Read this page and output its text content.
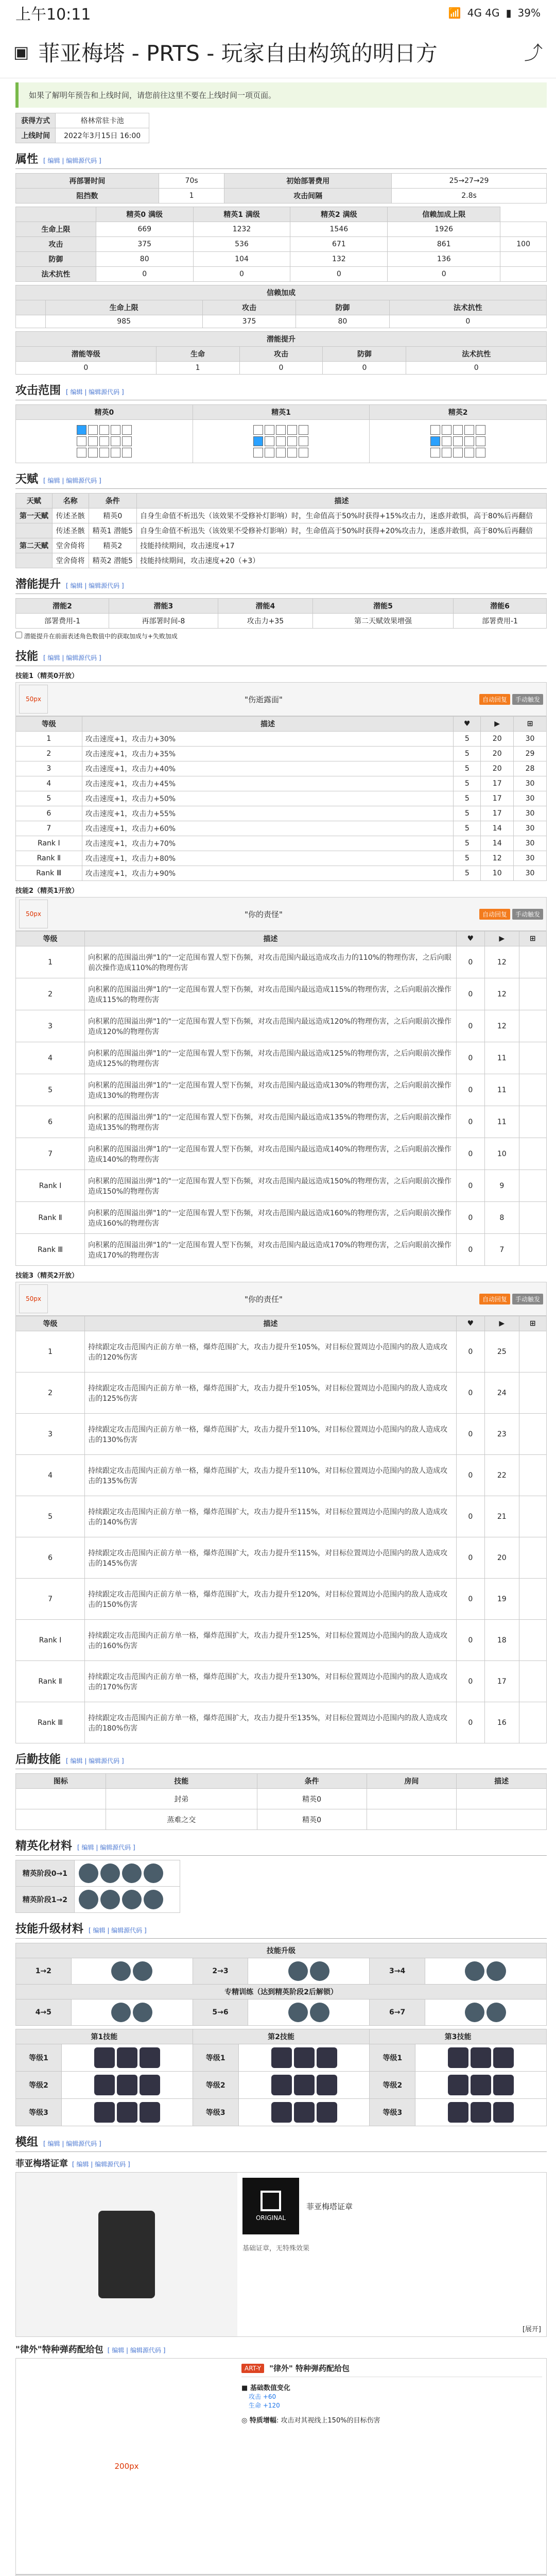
上午10:11	📶 4G 4G ▮ 39%
▣ 菲亚梅塔 - PRTS - 玩家自由构筑的明日方	⤴
如果了解明年预告和上线时间，请您前往这里不要在上线时间一项页面。
获得方式	格林常驻卡池
上线时间	2022年3月15日 16:00
属性 [ 编辑 | 编辑源代码 ]
再部署时间	70s	初始部署费用	25→27→29
阻挡数	1	攻击间隔	2.8s
	精英0 满级	精英1 满级	精英2 满级	信赖加成上限	
生命上限	669	1232	1546	1926	
攻击	375	536	671	861	100
防御	80	104	132	136	
法术抗性	0	0	0	0	
信赖加成				
	生命上限	攻击	防御	法术抗性
	985	375	80	0
潜能提升				
潜能等级	生命	攻击	防御	法术抗性
0	1	0	0	0
攻击范围 [ 编辑 | 编辑源代码 ]
精英0	精英1	精英2

天赋 [ 编辑 | 编辑源代码 ]
天赋	名称	条件	描述
第一天赋	传述圣骸	精英0	自身生命值不析迅失（该效果不受修补灯影响）时，生命值高于50%时获得+15%攻击力，迷惑并敢惧，高于80%后再翻倍
	传述圣骸	精英1 潜能5	自身生命值不析迅失（该效果不受修补灯影响）时，生命值高于50%时获得+20%攻击力，迷惑并敢惧，高于80%后再翻倍
第二天赋	堂舍倚将	精英2	技能持续期间，攻击速度+17
	堂舍倚将	精英2 潜能5	技能持续期间，攻击速度+20（+3）
潜能提升 [ 编辑 | 编辑源代码 ]
潜能2	潜能3	潜能4	潜能5	潜能6
部署费用-1	再部署时间-8	攻击力+35	第二天赋效果增强	部署费用-1
潜能提升在前面表述角色数值中的获取加成与+失败加成
技能 [ 编辑 | 编辑源代码 ]
技能1（精英0开放）
50px	"伤逝露面"	自动回复 手动触发
等级	描述	♥	▶	⊞
1	攻击速度+1，攻击力+30%	5	20	30
2	攻击速度+1，攻击力+35%	5	20	29
3	攻击速度+1，攻击力+40%	5	20	28
4	攻击速度+1，攻击力+45%	5	17	30
5	攻击速度+1，攻击力+50%	5	17	30
6	攻击速度+1，攻击力+55%	5	17	30
7	攻击速度+1，攻击力+60%	5	14	30
Rank Ⅰ	攻击速度+1，攻击力+70%	5	14	30
Rank Ⅱ	攻击速度+1，攻击力+80%	5	12	30
Rank Ⅲ	攻击速度+1，攻击力+90%	5	10	30
技能2（精英1开放）
50px	"你的责怪"	自动回复 手动触发
等级	描述	♥	▶	⊞
1	向积累的范围溢出弹"1的"一定范围布置人型下伤频，对攻击范围内最远造成攻击力的110%的物理伤害，之后向眼前次操作造成110%的物理伤害	0	12	
2	向积累的范围溢出弹"1的"一定范围布置人型下伤频，对攻击范围内最远造成115%的物理伤害，之后向眼前次操作造成115%的物理伤害	0	12	
3	向积累的范围溢出弹"1的"一定范围布置人型下伤频，对攻击范围内最远造成120%的物理伤害，之后向眼前次操作造成120%的物理伤害	0	12	
4	向积累的范围溢出弹"1的"一定范围布置人型下伤频，对攻击范围内最远造成125%的物理伤害，之后向眼前次操作造成125%的物理伤害	0	11	
5	向积累的范围溢出弹"1的"一定范围布置人型下伤频，对攻击范围内最远造成130%的物理伤害，之后向眼前次操作造成130%的物理伤害	0	11	
6	向积累的范围溢出弹"1的"一定范围布置人型下伤频，对攻击范围内最远造成135%的物理伤害，之后向眼前次操作造成135%的物理伤害	0	11	
7	向积累的范围溢出弹"1的"一定范围布置人型下伤频，对攻击范围内最远造成140%的物理伤害，之后向眼前次操作造成140%的物理伤害	0	10	
Rank Ⅰ	向积累的范围溢出弹"1的"一定范围布置人型下伤频，对攻击范围内最远造成150%的物理伤害，之后向眼前次操作造成150%的物理伤害	0	9	
Rank Ⅱ	向积累的范围溢出弹"1的"一定范围布置人型下伤频，对攻击范围内最远造成160%的物理伤害，之后向眼前次操作造成160%的物理伤害	0	8	
Rank Ⅲ	向积累的范围溢出弹"1的"一定范围布置人型下伤频，对攻击范围内最远造成170%的物理伤害，之后向眼前次操作造成170%的物理伤害	0	7	
技能3（精英2开放）
50px	"你的责任"	自动回复 手动触发
等级	描述	♥	▶	⊞
1	持续跟定攻击范围内正前方单一格，爆炸范围扩大，攻击力提升至105%，对目标位置周边小范围内的敌人造成攻击的120%伤害	0	25	
2	持续跟定攻击范围内正前方单一格，爆炸范围扩大，攻击力提升至105%，对目标位置周边小范围内的敌人造成攻击的125%伤害	0	24	
3	持续跟定攻击范围内正前方单一格，爆炸范围扩大，攻击力提升至110%，对目标位置周边小范围内的敌人造成攻击的130%伤害	0	23	
4	持续跟定攻击范围内正前方单一格，爆炸范围扩大，攻击力提升至110%，对目标位置周边小范围内的敌人造成攻击的135%伤害	0	22	
5	持续跟定攻击范围内正前方单一格，爆炸范围扩大，攻击力提升至115%，对目标位置周边小范围内的敌人造成攻击的140%伤害	0	21	
6	持续跟定攻击范围内正前方单一格，爆炸范围扩大，攻击力提升至115%，对目标位置周边小范围内的敌人造成攻击的145%伤害	0	20	
7	持续跟定攻击范围内正前方单一格，爆炸范围扩大，攻击力提升至120%，对目标位置周边小范围内的敌人造成攻击的150%伤害	0	19	
Rank Ⅰ	持续跟定攻击范围内正前方单一格，爆炸范围扩大，攻击力提升至125%，对目标位置周边小范围内的敌人造成攻击的160%伤害	0	18	
Rank Ⅱ	持续跟定攻击范围内正前方单一格，爆炸范围扩大，攻击力提升至130%，对目标位置周边小范围内的敌人造成攻击的170%伤害	0	17	
Rank Ⅲ	持续跟定攻击范围内正前方单一格，爆炸范围扩大，攻击力提升至135%，对目标位置周边小范围内的敌人造成攻击的180%伤害	0	16	
后勤技能 [ 编辑 | 编辑源代码 ]
图标	技能	条件	房间	描述
	封弟	精英0		
	蒸难之交	精英0		
精英化材料 [ 编辑 | 编辑源代码 ]
精英阶段0→1	
精英阶段1→2	
技能升级材料 [ 编辑 | 编辑源代码 ]
技能升级					
1→2		2→3		3→4	
专精训练（达到精英阶段2后解锁）					
4→5		5→6		6→7	
第1技能		第2技能		第3技能	
等级1		等级1		等级1	
等级2		等级2		等级2	
等级3		等级3		等级3	
模组 [ 编辑 | 编辑源代码 ]
菲亚梅塔证章 [ 编辑 | 编辑源代码 ]
ORIGINAL
菲亚梅塔证章
基础证章，无特殊效果
[展开]
"律外"特种弹药配给包 [ 编辑 | 编辑源代码 ]
200px
ART-Y	"律外" 特种弹药配给包
■ 基础数值变化
攻击 +60
生命 +120
◎ 特质增幅: 攻击对其视线上150%的目标伤害
